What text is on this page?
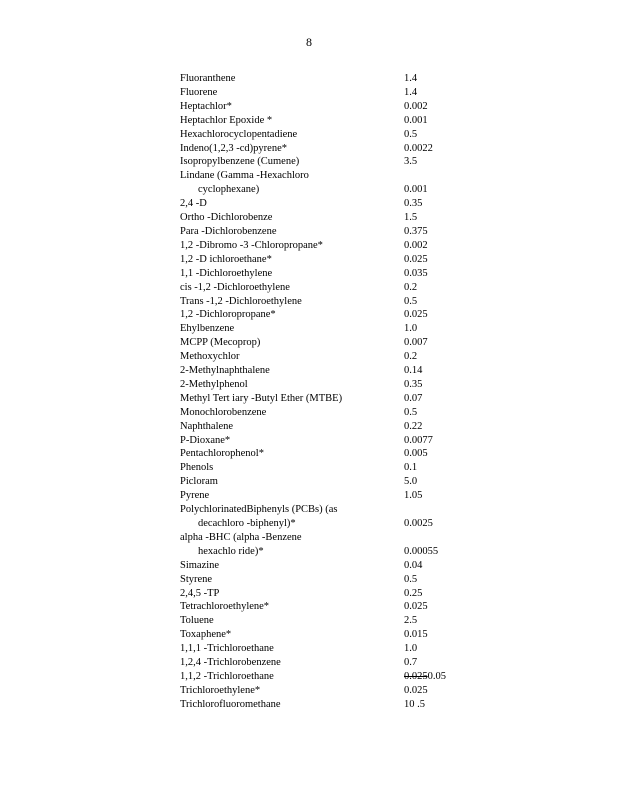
8
Fluoranthene	1.4
Fluorene	1.4
Heptachlor*	0.002
Heptachlor Epoxide *	0.001
Hexachlorocyclopentadiene	0.5
Indeno(1,2,3 -cd)pyrene*	0.0022
Isopropylbenzene (Cumene)	3.5
Lindane (Gamma -Hexachloro
cyclophexane)	0.001
2,4 -D	0.35
Ortho -Dichlorobenze	1.5
Para -Dichlorobenzene	0.375
1,2 -Dibromo -3 -Chloropropane*	0.002
1,2 -D ichloroethane*	0.025
1,1 -Dichloroethylene	0.035
cis -1,2 -Dichloroethylene	0.2
Trans -1,2 -Dichloroethylene	0.5
1,2 -Dichloropropane*	0.025
Ehylbenzene	1.0
MCPP (Mecoprop)	0.007
Methoxychlor	0.2
2-Methylnaphthalene	0.14
2-Methylphenol	0.35
Methyl Tert iary -Butyl Ether (MTBE)	0.07
Monochlorobenzene	0.5
Naphthalene	0.22
P-Dioxane*	0.0077
Pentachlorophenol*	0.005
Phenols	0.1
Picloram	5.0
Pyrene	1.05
PolychlorinatedBiphenyls (PCBs) (as
decachloro -biphenyl)*	0.0025
alpha -BHC (alpha -Benzene
hexachlo ride)*	0.00055
Simazine	0.04
Styrene	0.5
2,4,5 -TP	0.25
Tetrachloroethylene*	0.025
Toluene	2.5
Toxaphene*	0.015
1,1,1 -Trichloroethane	1.0
1,2,4 -Trichlorobenzene	0.7
1,1,2 -Trichloroethane	0.0250.05
Trichloroethylene*	0.025
Trichlorofluoromethane	10 .5
